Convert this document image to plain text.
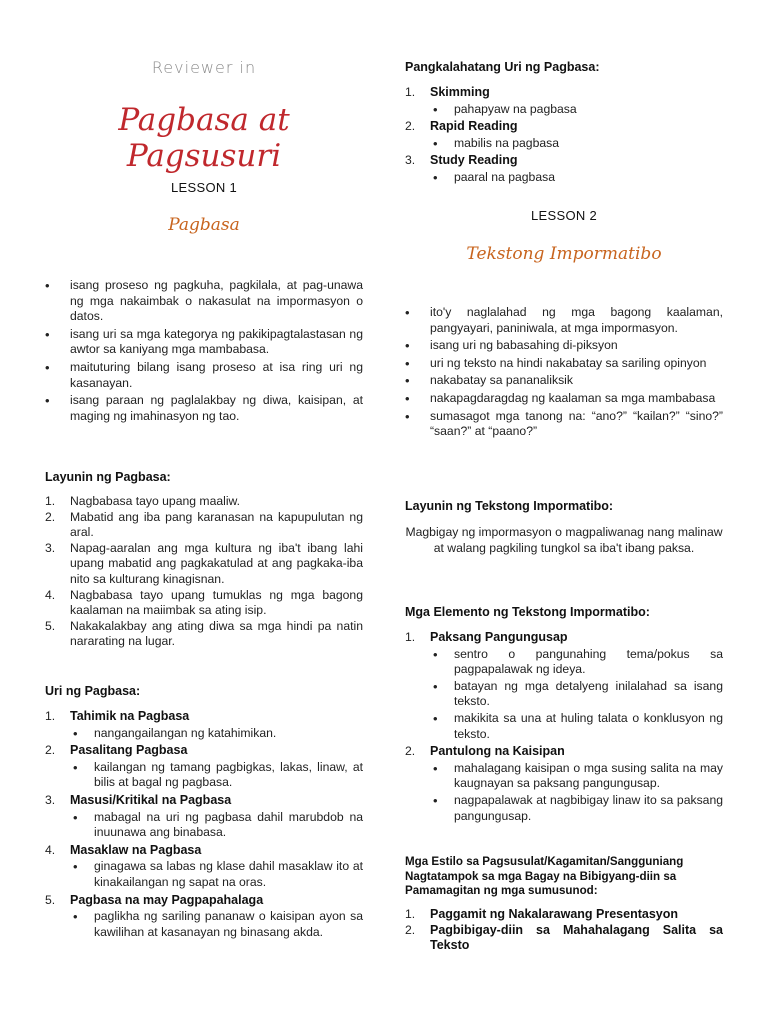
Reviewer in
Pagbasa at Pagsusuri
LESSON 1
Pagbasa
• isang proseso ng pagkuha, pagkilala, at pag-unawa ng mga nakaimbak o nakasulat na impormasyon o datos.
• isang uri sa mga kategorya ng pakikipagtalastasan ng awtor sa kaniyang mga mambabasa.
• maituturing bilang isang proseso at isa ring uri ng kasanayan.
• isang paraan ng paglalakbay ng diwa, kaisipan, at maging ng imahinasyon ng tao.
Layunin ng Pagbasa:
1. Nagbabasa tayo upang maaliw.
2. Mabatid ang iba pang karanasan na kapupulutan ng aral.
3. Napag-aaralan ang mga kultura ng iba't ibang lahi upang mabatid ang pagkakatulad at ang pagkaka-iba nito sa kulturang kinagisnan.
4. Nagbabasa tayo upang tumuklas ng mga bagong kaalaman na maiimbak sa ating isip.
5. Nakakalakbay ang ating diwa sa mga hindi pa natin nararating na lugar.
Uri ng Pagbasa:
1. Tahimik na Pagbasa
• nangangailangan ng katahimikan.
2. Pasalitang Pagbasa
• kailangan ng tamang pagbigkas, lakas, linaw, at bilis at bagal ng pagbasa.
3. Masusi/Kritikal na Pagbasa
• mabagal na uri ng pagbasa dahil marubdob na inuunawa ang binabasa.
4. Masaklaw na Pagbasa
• ginagawa sa labas ng klase dahil masaklaw ito at kinakailangan ng sapat na oras.
5. Pagbasa na may Pagpapahalaga
• paglikha ng sariling pananaw o kaisipan ayon sa kawilihan at kasanayan ng binasang akda.
Pangkalahatang Uri ng Pagbasa:
1. Skimming
• pahapyaw na pagbasa
2. Rapid Reading
• mabilis na pagbasa
3. Study Reading
• paaral na pagbasa
LESSON 2
Tekstong Impormatibo
• ito'y naglalahad ng mga bagong kaalaman, pangyayari, paniniwala, at mga impormasyon.
• isang uri ng babasahing di-piksyon
• uri ng teksto na hindi nakabatay sa sariling opinyon
• nakabatay sa pananaliksik
• nakapagdaragdag ng kaalaman sa mga mambabasa
• sumasagot mga tanong na: “ano?” “kailan?” “sino?” “saan?” at “paano?”
Layunin ng Tekstong Impormatibo:
Magbigay ng impormasyon o magpaliwanag nang malinaw at walang pagkiling tungkol sa iba't ibang paksa.
Mga Elemento ng Tekstong Impormatibo:
1. Paksang Pangungusap
• sentro o pangunahing tema/pokus sa pagpapalawak ng ideya.
• batayan ng mga detalyeng inilalahad sa isang teksto.
• makikita sa una at huling talata o konklusyon ng teksto.
2. Pantulong na Kaisipan
• mahalagang kaisipan o mga susing salita na may kaugnayan sa paksang pangungusap.
• nagpapalawak at nagbibigay linaw ito sa paksang pangungusap.
Mga Estilo sa Pagsusulat/Kagamitan/Sangguniang Nagtatampok sa mga Bagay na Bibigyang-diin sa Pamamagitan ng mga sumusunod:
1. Paggamit ng Nakalarawang Presentasyon
2. Pagbibigay-diin sa Mahahalagang Salita sa Teksto
